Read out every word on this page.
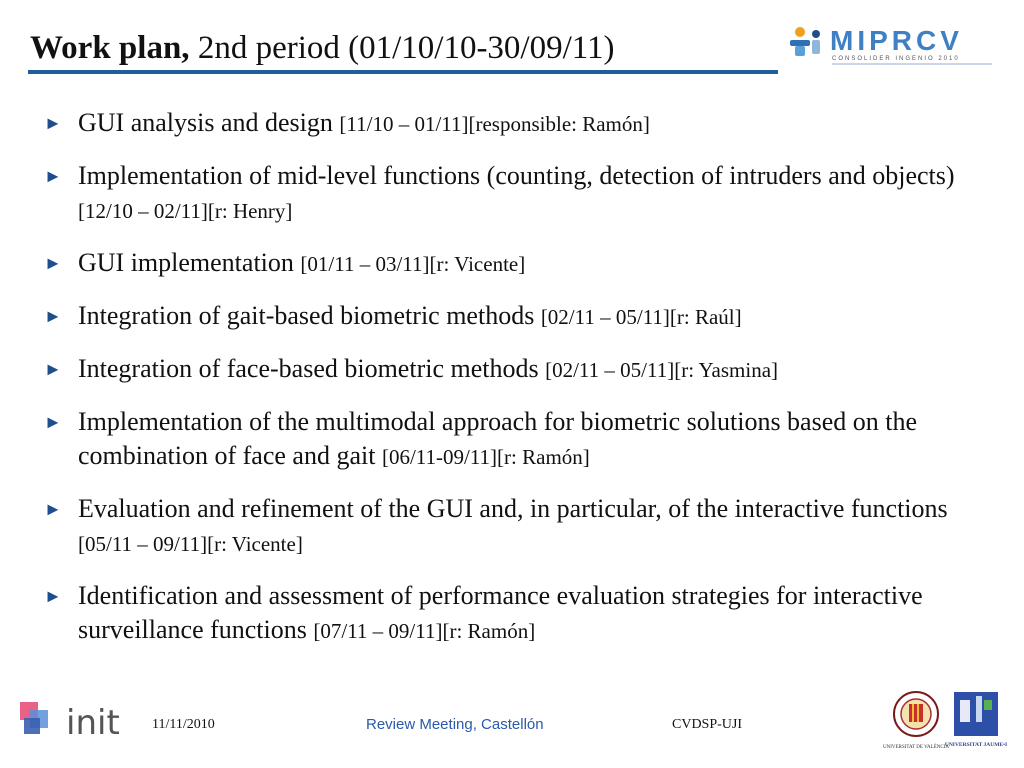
Work plan, 2nd period (01/10/10-30/09/11)	MIPRCV
CONSOLIDER INGENIO 2010
► GUI analysis and design [11/10 – 01/11][responsible: Ramón]
► Implementation of mid-level functions (counting, detection of intruders and objects) [12/10 – 02/11][r: Henry]
► GUI implementation [01/11 – 03/11][r: Vicente]
► Integration of gait-based biometric methods [02/11 – 05/11][r: Raúl]
► Integration of face-based biometric methods [02/11 – 05/11][r: Yasmina]
► Implementation of the multimodal approach for biometric solutions based on the combination of face and gait [06/11-09/11][r: Ramón]
► Evaluation and refinement of the GUI and, in particular, of the interactive functions [05/11 – 09/11][r: Vicente]
► Identification and assessment of performance evaluation strategies for interactive surveillance functions [07/11 – 09/11][r: Ramón]
init 11/11/2010	Review Meeting, Castellón	CVDSP-UJI
UNIVERSITAT DE VALÈNCIA
UNIVERSITAT JAUME•I
